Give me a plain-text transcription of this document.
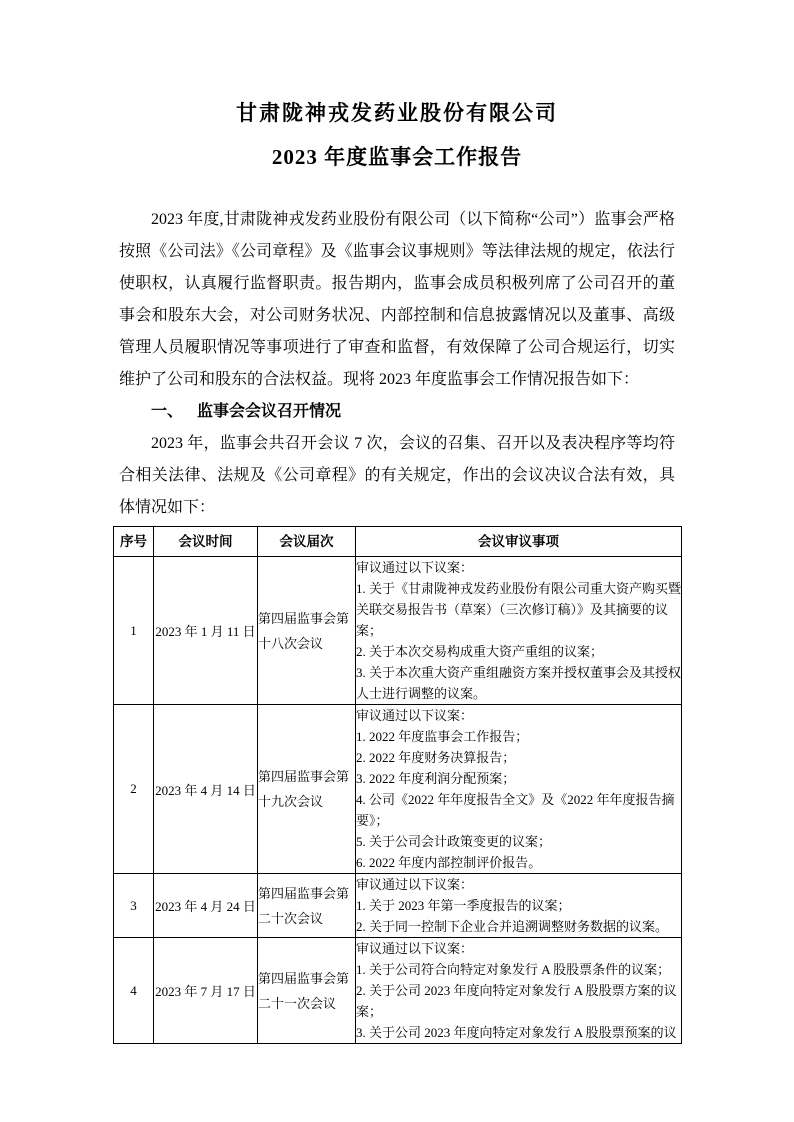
甘肃陇神戎发药业股份有限公司
2023 年度监事会工作报告

2023 年度,甘肃陇神戎发药业股份有限公司（以下简称“公司”）监事会严格按照《公司法》《公司章程》及《监事会议事规则》等法律法规的规定，依法行使职权，认真履行监督职责。报告期内，监事会成员积极列席了公司召开的董事会和股东大会，对公司财务状况、内部控制和信息披露情况以及董事、高级管理人员履职情况等事项进行了审查和监督，有效保障了公司合规运行，切实维护了公司和股东的合法权益。现将 2023 年度监事会工作情况报告如下：

一、 监事会会议召开情况

2023 年，监事会共召开会议 7 次，会议的召集、召开以及表决程序等均符合相关法律、法规及《公司章程》的有关规定，作出的会议决议合法有效，具体情况如下：

序号	会议时间	会议届次	会议审议事项
1	2023 年 1 月 11 日	第四届监事会第十八次会议	审议通过以下议案：

1. 关于《甘肃陇神戎发药业股份有限公司重大资产购买暨关联交易报告书（草案）（三次修订稿）》及其摘要的议案；

2. 关于本次交易构成重大资产重组的议案；

3. 关于本次重大资产重组融资方案并授权董事会及其授权人士进行调整的议案。

2	2023 年 4 月 14 日	第四届监事会第十九次会议	

审议通过以下议案：

1. 2022 年度监事会工作报告；

2. 2022 年度财务决算报告；

3. 2022 年度利润分配预案；

4. 公司《2022 年年度报告全文》及《2022 年年度报告摘要》；

5. 关于公司会计政策变更的议案；

6. 2022 年度内部控制评价报告。

3	2023 年 4 月 24 日	第四届监事会第二十次会议	审议通过以下议案：

1. 关于 2023 年第一季度报告的议案；

2. 关于同一控制下企业合并追溯调整财务数据的议案。

4	2023 年 7 月 17 日	第四届监事会第二十一次会议	审议通过以下议案：

1. 关于公司符合向特定对象发行 A 股股票条件的议案；

2. 关于公司 2023 年度向特定对象发行 A 股股票方案的议案；

3. 关于公司 2023 年度向特定对象发行 A 股股票预案的议
